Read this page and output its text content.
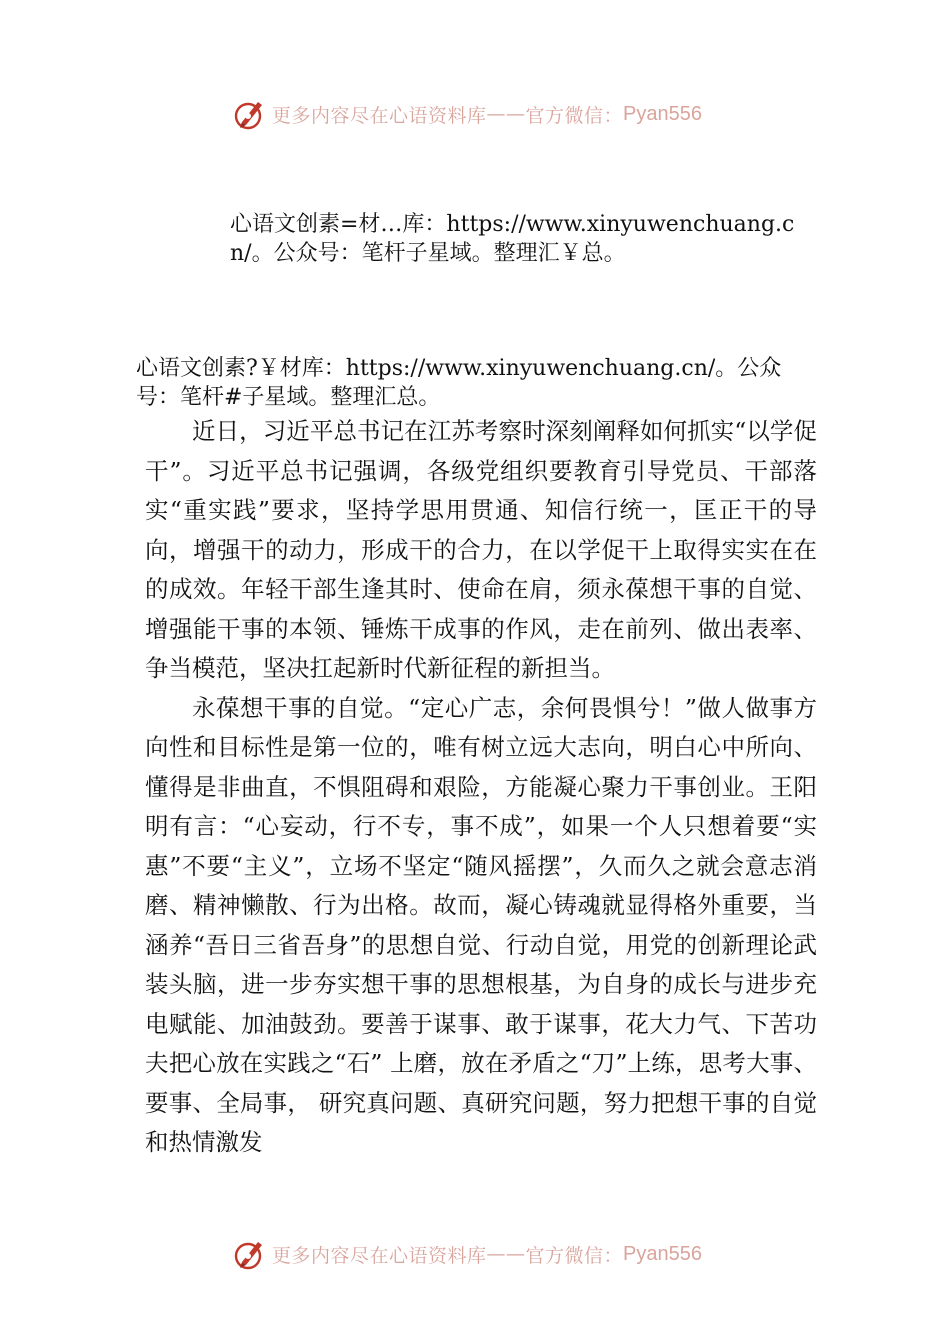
更多内容尽在心语资料库 —— 官方微信： Pyan556
心语文创素=材…库：https://www.xinyuwenchuang.cn/。公众号：笔杆子星域。整理汇￥总。
心语文创素?￥材库：https://www.xinyuwenchuang.cn/。公众号：笔杆#子星域。整理汇总。

近日，习近平总书记在江苏考察时深刻阐释如何抓实“以学促干”。习近平总书记强调，各级党组织要教育引导党员、干部落实“重实践”要求，坚持学思用贯通、知信行统一，匡正干的导向，增强干的动力，形成干的合力，在以学促干上取得实实在在的成效。年轻干部生逢其时、使命在肩，须永葆想干事的自觉、增强能干事的本领、锤炼干成事的作风，走在前列、做出表率、争当模范，坚决扛起新时代新征程的新担当。

永葆想干事的自觉。“定心广志，余何畏惧兮！”做人做事方向性和目标性是第一位的，唯有树立远大志向，明白心中所向、懂得是非曲直，不惧阻碍和艰险，方能凝心聚力干事创业。王阳明有言：“心妄动，行不专，事不成”，如果一个人只想着要“实惠”不要“主义”，立场不坚定“随风摇摆”，久而久之就会意志消磨、精神懒散、行为出格。故而，凝心铸魂就显得格外重要，当涵养“吾日三省吾身”的思想自觉、行动自觉，用党的创新理论武装头脑，进一步夯实想干事的思想根基，为自身的成长与进步充电赋能、加油鼓劲。要善于谋事、敢于谋事，花大力气、下苦功夫把心放在实践之“石” 上磨，放在矛盾之“刀”上练，思考大事、要事、全局事， 研究真问题、真研究问题，努力把想干事的自觉和热情激发

更多内容尽在心语资料库 —— 官方微信： Pyan556
